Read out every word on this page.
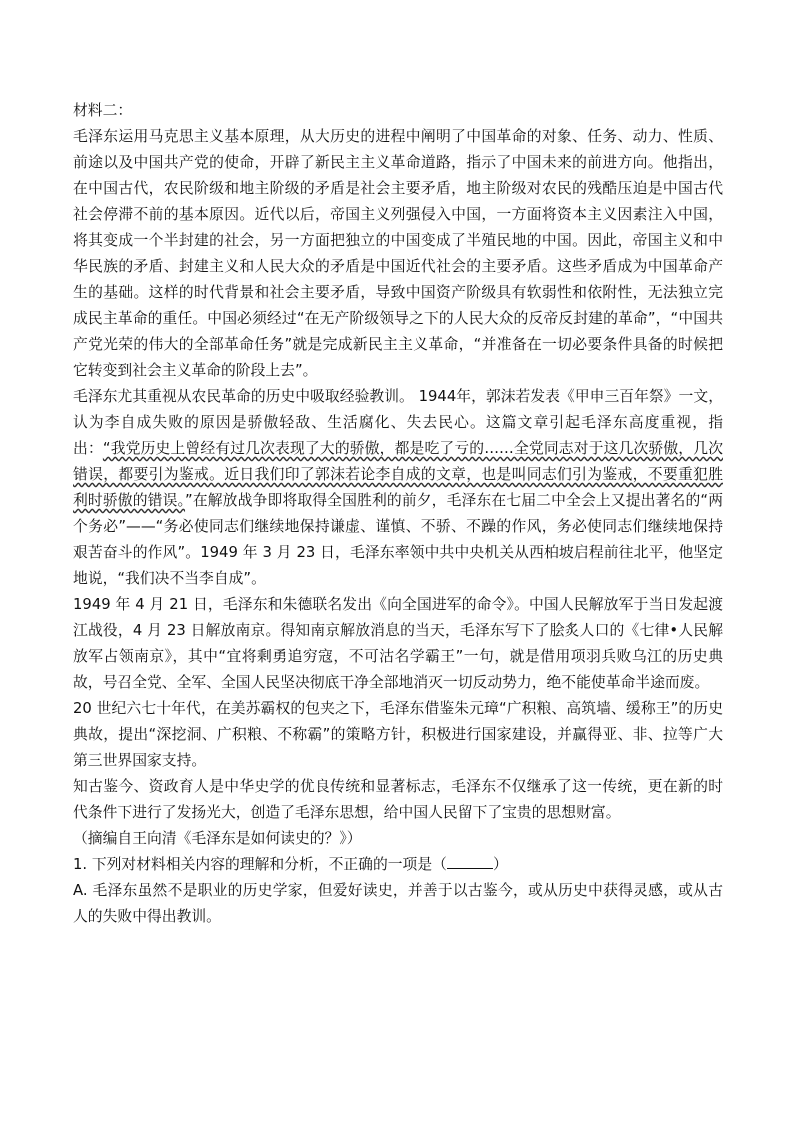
材料二：

毛泽东运用马克思主义基本原理，从大历史的进程中阐明了中国革命的对象、任务、动力、性质、前途以及中国共产党的使命，开辟了新民主主义革命道路，指示了中国未来的前进方向。他指出，在中国古代，农民阶级和地主阶级的矛盾是社会主要矛盾，地主阶级对农民的残酷压迫是中国古代社会停滞不前的基本原因。近代以后，帝国主义列强侵入中国，一方面将资本主义因素注入中国，将其变成一个半封建的社会，另一方面把独立的中国变成了半殖民地的中国。因此，帝国主义和中华民族的矛盾、封建主义和人民大众的矛盾是中国近代社会的主要矛盾。这些矛盾成为中国革命产生的基础。这样的时代背景和社会主要矛盾，导致中国资产阶级具有软弱性和依附性，无法独立完成民主革命的重任。中国必须经过“在无产阶级领导之下的人民大众的反帝反封建的革命”，“中国共产党光荣的伟大的全部革命任务”就是完成新民主主义革命，“并准备在一切必要条件具备的时候把它转变到社会主义革命的阶段上去”。

毛泽东尤其重视从农民革命的历史中吸取经验教训。 1944年，郭沫若发表《甲申三百年祭》一文，认为李自成失败的原因是骄傲轻敌、生活腐化、失去民心。这篇文章引起毛泽东高度重视，指出：“我党历史上曾经有过几次表现了大的骄傲，都是吃了亏的……全党同志对于这几次骄傲，几次错误，都要引为鉴戒。近日我们印了郭沫若论李自成的文章，也是叫同志们引为鉴戒，不要重犯胜利时骄傲的错误。”在解放战争即将取得全国胜利的前夕，毛泽东在七届二中全会上又提出著名的“两个务必”——“务必使同志们继续地保持谦虚、谨慎、不骄、不躁的作风，务必使同志们继续地保持艰苦奋斗的作风”。1949 年 3 月 23 日，毛泽东率领中共中央机关从西柏坡启程前往北平，他坚定地说，“我们决不当李自成”。

1949 年 4 月 21 日，毛泽东和朱德联名发出《向全国进军的命令》。中国人民解放军于当日发起渡江战役，4 月 23 日解放南京。得知南京解放消息的当天，毛泽东写下了脍炙人口的《七律•人民解放军占领南京》，其中“宜将剩勇追穷寇，不可沽名学霸王”一句，就是借用项羽兵败乌江的历史典故，号召全党、全军、全国人民坚决彻底干净全部地消灭一切反动势力，绝不能使革命半途而废。

20 世纪六七十年代，在美苏霸权的包夹之下，毛泽东借鉴朱元璋“广积粮、高筑墙、缓称王”的历史典故，提出“深挖洞、广积粮、不称霸”的策略方针，积极进行国家建设，并赢得亚、非、拉等广大第三世界国家支持。

知古鉴今、资政育人是中华史学的优良传统和显著标志，毛泽东不仅继承了这一传统，更在新的时代条件下进行了发扬光大，创造了毛泽东思想，给中国人民留下了宝贵的思想财富。

（摘编自王向清《毛泽东是如何读史的？》）

1. 下列对材料相关内容的理解和分析，不正确的一项是（	）

A. 毛泽东虽然不是职业的历史学家，但爱好读史，并善于以古鉴今，或从历史中获得灵感，或从古人的失败中得出教训。
